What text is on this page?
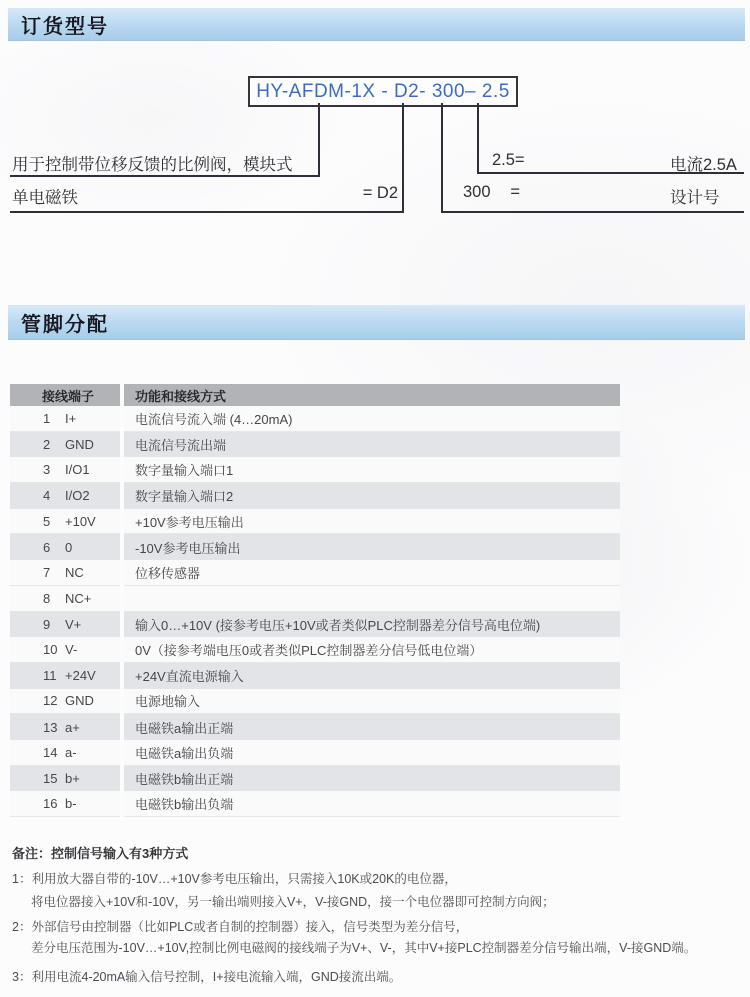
订货型号
HY-AFDM-1X - D2- 300– 2.5
用于控制带位移反馈的比例阀，模块式
单电磁铁	= D2
2.5=	电流2.5A
300 =	设计号
管脚分配
接线端子	功能和接线方式
1	I+	电流信号流入端 (4…20mA)
2	GND	电流信号流出端
3	I/O1	数字量输入端口1
4	I/O2	数字量输入端口2
5	+10V	+10V参考电压输出
6	0	-10V参考电压输出
7	NC	位移传感器
8	NC+
9	V+	输入0…+10V (接参考电压+10V或者类似PLC控制器差分信号高电位端)
10 V-	0V（接参考端电压0或者类似PLC控制器差分信号低电位端）
11 +24V	+24V直流电源输入
12 GND	电源地输入
13 a+	电磁铁a输出正端
14 a-	电磁铁a输出负端
15 b+	电磁铁b输出正端
16 b-	电磁铁b输出负端
备注：控制信号输入有3种方式
1：利用放大器自带的-10V…+10V参考电压输出，只需接入10K或20K的电位器，
将电位器接入+10V和-10V，另一输出端则接入V+，V-接GND，接一个电位器即可控制方向阀；
2：外部信号由控制器（比如PLC或者自制的控制器）接入，信号类型为差分信号，
差分电压范围为-10V…+10V,控制比例电磁阀的接线端子为V+、V-，其中V+接PLC控制器差分信号输出端，V-接GND端。
3：利用电流4-20mA输入信号控制，I+接电流输入端，GND接流出端。
